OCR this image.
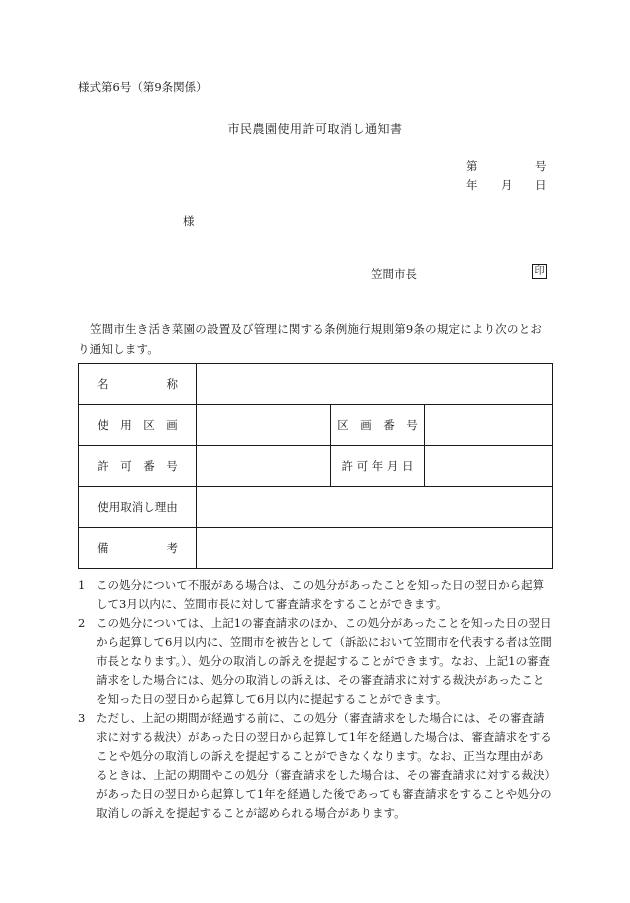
様式第6号（第9条関係）
市民農園使用許可取消し通知書
第	号
年 月 日
様
笠間市長	印
笠間市生き活き菜園の設置及び管理に関する条例施行規則第9条の規定により次のとおり通知します。
名　　　　称			
使　用　区　画		区　画　番　号	
許　可　番　号		許 可 年 月 日	
使用取消し理由			
備　　　　考			
1 この処分について不服がある場合は、この処分があったことを知った日の翌日から起算して3月以内に、笠間市長に対して審査請求をすることができます。
2 この処分については、上記1の審査請求のほか、この処分があったことを知った日の翌日から起算して6月以内に、笠間市を被告として（訴訟において笠間市を代表する者は笠間市長となります。）、処分の取消しの訴えを提起することができます。なお、上記1の審査請求をした場合には、処分の取消しの訴えは、その審査請求に対する裁決があったことを知った日の翌日から起算して6月以内に提起することができます。
3 ただし、上記の期間が経過する前に、この処分（審査請求をした場合には、その審査請求に対する裁決）があった日の翌日から起算して1年を経過した場合は、審査請求をすることや処分の取消しの訴えを提起することができなくなります。なお、正当な理由があるときは、上記の期間やこの処分（審査請求をした場合は、その審査請求に対する裁決）があった日の翌日から起算して1年を経過した後であっても審査請求をすることや処分の取消しの訴えを提起することが認められる場合があります。
